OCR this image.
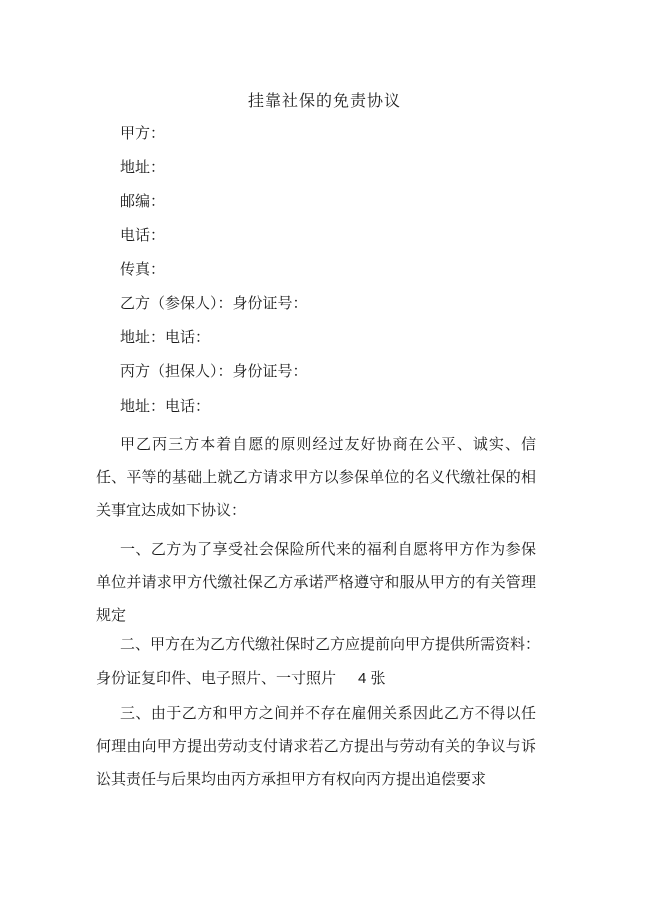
挂靠社保的免责协议
甲方：
地址：
邮编：
电话：
传真：
乙方（参保人）：身份证号：
地址：电话：
丙方（担保人）：身份证号：
地址：电话：
甲乙丙三方本着自愿的原则经过友好协商在公平、诚实、信任、平等的基础上就乙方请求甲方以参保单位的名义代缴社保的相关事宜达成如下协议：
一、乙方为了享受社会保险所代来的福利自愿将甲方作为参保单位并请求甲方代缴社保乙方承诺严格遵守和服从甲方的有关管理规定
二、甲方在为乙方代缴社保时乙方应提前向甲方提供所需资料：
身份证复印件、电子照片、一寸照片 4 张
三、由于乙方和甲方之间并不存在雇佣关系因此乙方不得以任何理由向甲方提出劳动支付请求若乙方提出与劳动有关的争议与诉讼其责任与后果均由丙方承担甲方有权向丙方提出追偿要求
